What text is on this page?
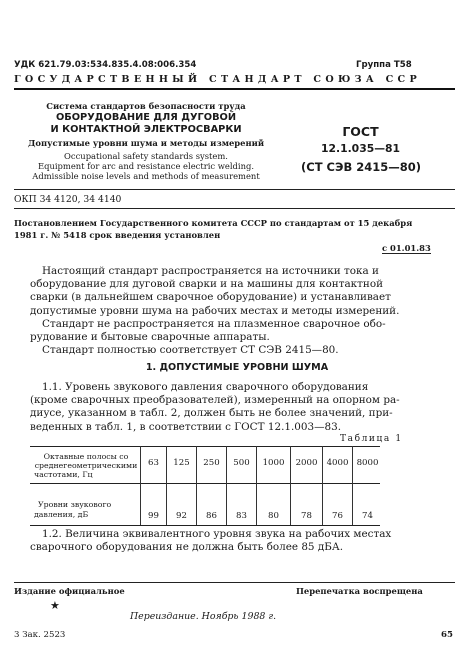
УДК 621.79.03:534.835.4.08:006.354	Группа Т58
ГОСУДАРСТВЕННЫЙ СТАНДАРТ СОЮЗА ССР
Система стандартов безопасности труда
ОБОРУДОВАНИЕ ДЛЯ ДУГОВОЙ
И КОНТАКТНОЙ ЭЛЕКТРОСВАРКИ
Допустимые уровни шума и методы измерений
Occupational safety standards system.
Equipment for arc and resistance electric welding.
Admissible noise levels and methods of measurement
ГОСТ
12.1.035—81
(СТ СЭВ 2415—80)
ОКП 34 4120, 34 4140
Постановлением Государственного комитета СССР по стандартам от 15 декабря
1981 г. № 5418 срок введения установлен
с 01.01.83
Настоящий стандарт распространяется на источники тока и
оборудование для дуговой сварки и на машины для контактной
сварки (в дальнейшем сварочное оборудование) и устанавливает
допустимые уровни шума на рабочих местах и методы измерений.
Стандарт не распространяется на плазменное сварочное обо-
рудование и бытовые сварочные аппараты.
Стандарт полностью соответствует СТ СЭВ 2415—80.
1. ДОПУСТИМЫЕ УРОВНИ ШУМА
1.1. Уровень звукового давления сварочного оборудования
(кроме сварочных преобразователей), измеренный на опорном ра-
диусе, указанном в табл. 2, должен быть не более значений, при-
веденных в табл. 1, в соответствии с ГОСТ 12.1.003—83.
Таблица 1
Октавные полосы со
среднегеометрическими
частотами, Гц
63	125	250	500	1000	2000	4000 8000
Уровни звукового
давления, дБ	99	92	86	83	80	78	76	74
1.2. Величина эквивалентного уровня звука на рабочих местах
сварочного оборудования не должна быть более 85 дБА.
Издание официальное	Перепечатка воспрещена
★
Переиздание. Ноябрь 1988 г.
3 Зак. 2523	65
